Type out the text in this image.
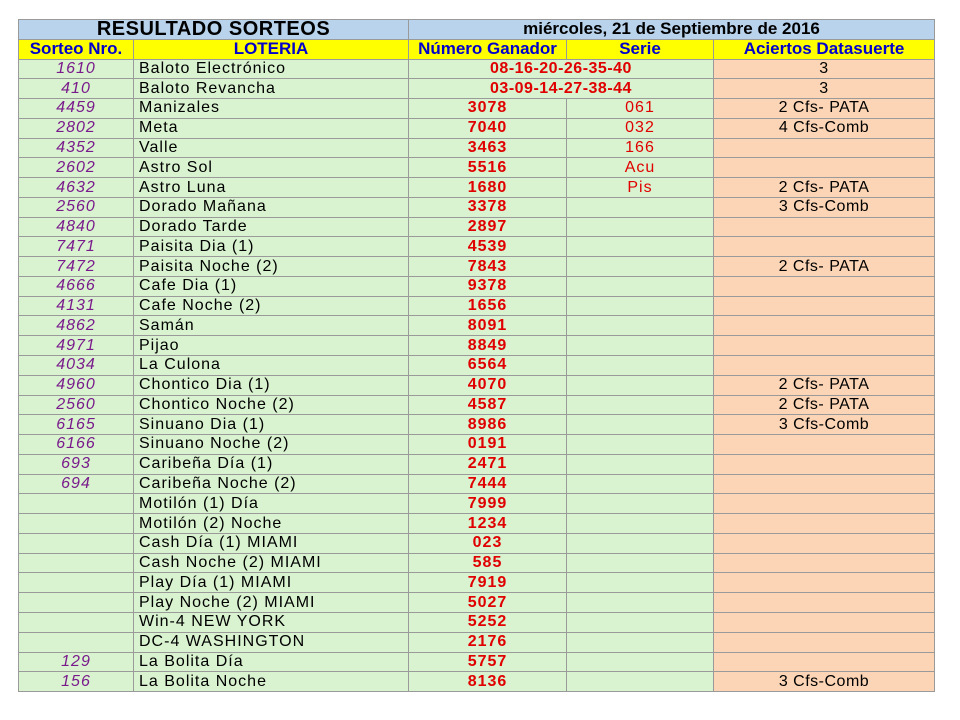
RESULTADO SORTEOS		miércoles, 21 de Septiembre de 2016		
Sorteo Nro.	LOTERIA	Número Ganador	Serie	Aciertos Datasuerte
1610	Baloto Electrónico	08-16-20-26-35-40		3
410	Baloto Revancha	03-09-14-27-38-44		3
4459	Manizales	3078	061	2 Cfs- PATA
2802	Meta	7040	032	4 Cfs-Comb
4352	Valle	3463	166	
2602	Astro Sol	5516	Acu	
4632	Astro Luna	1680	Pis	2 Cfs- PATA
2560	Dorado Mañana	3378		3 Cfs-Comb
4840	Dorado Tarde	2897		
7471	Paisita Dia (1)	4539		
7472	Paisita Noche (2)	7843		2 Cfs- PATA
4666	Cafe Dia (1)	9378		
4131	Cafe Noche (2)	1656		
4862	Samán	8091		
4971	Pijao	8849		
4034	La Culona	6564		
4960	Chontico Dia (1)	4070		2 Cfs- PATA
2560	Chontico Noche (2)	4587		2 Cfs- PATA
6165	Sinuano Dia (1)	8986		3 Cfs-Comb
6166	Sinuano Noche (2)	0191		
693	Caribeña Día (1)	2471		
694	Caribeña Noche (2)	7444		
	Motilón (1) Día	7999		
	Motilón (2) Noche	1234		
	Cash Día (1) MIAMI	023		
	Cash Noche (2) MIAMI	585		
	Play Día (1) MIAMI	7919		
	Play Noche (2) MIAMI	5027		
	Win-4 NEW YORK	5252		
	DC-4 WASHINGTON	2176		
129	La Bolita Día	5757		
156	La Bolita Noche	8136		3 Cfs-Comb
